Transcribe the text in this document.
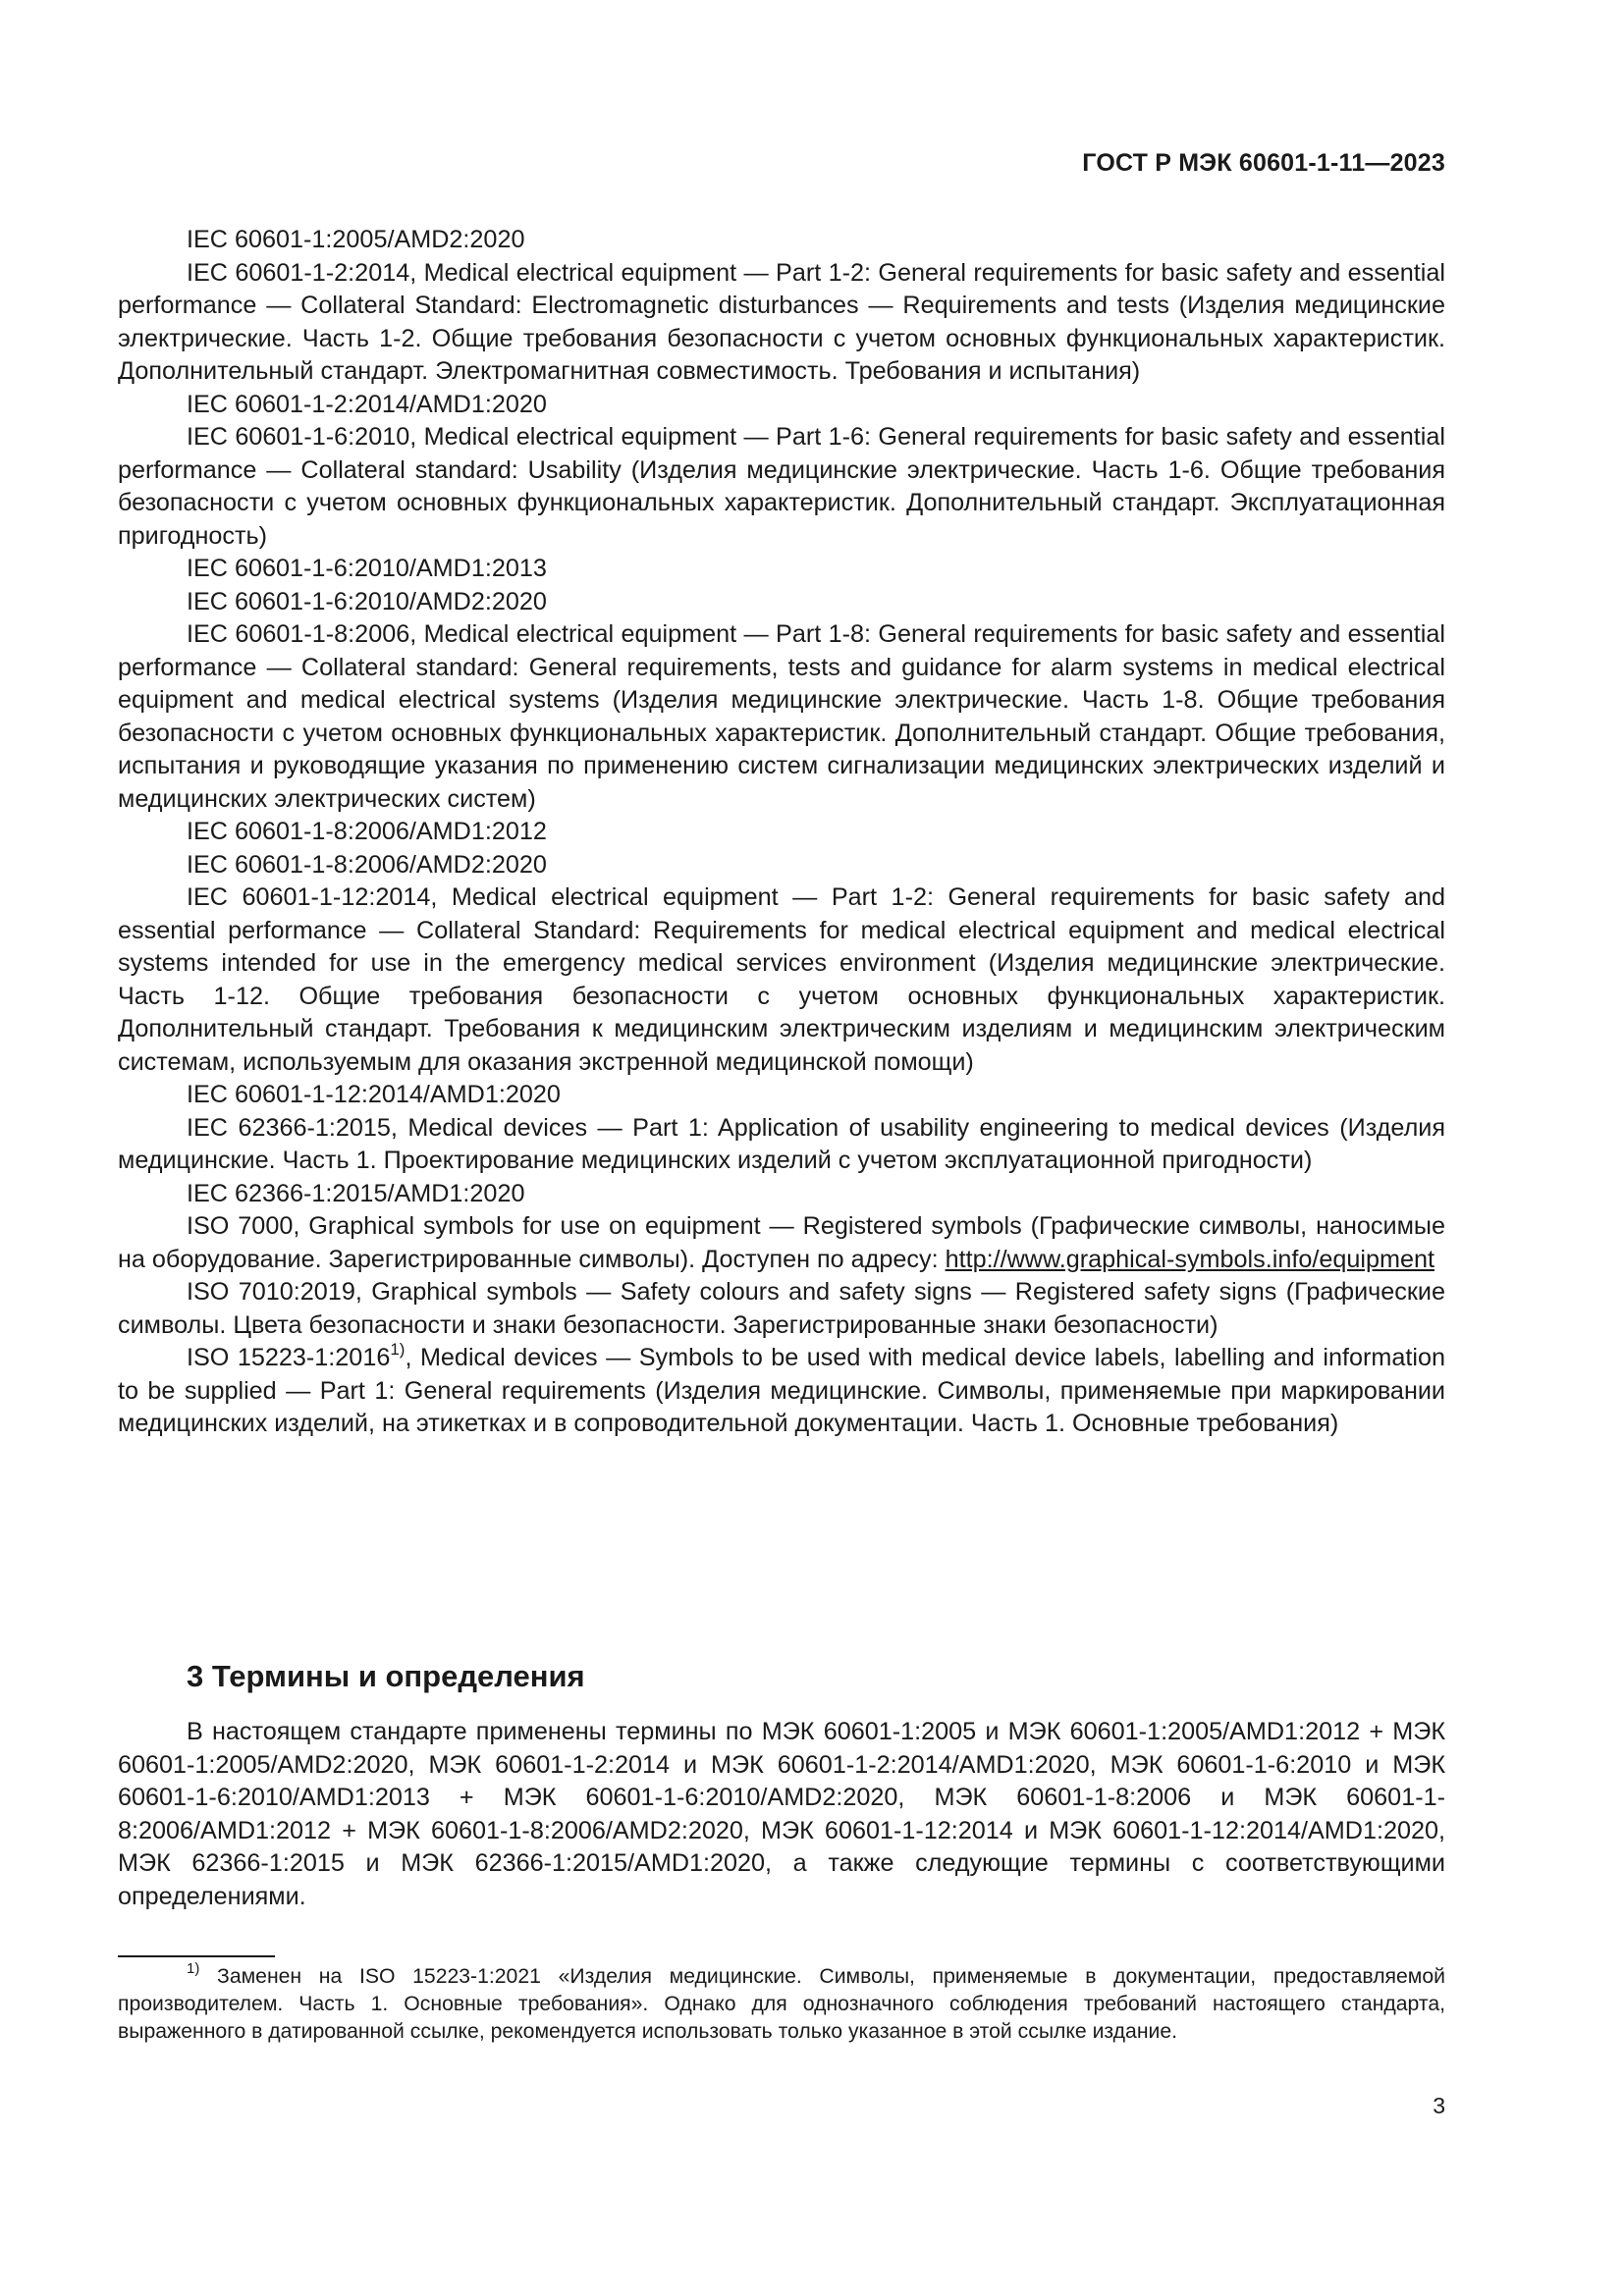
ГОСТ Р МЭК 60601-1-11—2023

IEC 60601-1:2005/AMD2:2020

IEC 60601-1-2:2014, Medical electrical equipment — Part 1-2: General requirements for basic safety and essential performance — Collateral Standard: Electromagnetic disturbances — Requirements and tests (Изделия медицинские электрические. Часть 1-2. Общие требования безопасности с учетом основных функциональных характеристик. Дополнительный стандарт. Электромагнитная совместимость. Требования и испытания)

IEC 60601-1-2:2014/AMD1:2020

IEC 60601-1-6:2010, Medical electrical equipment — Part 1-6: General requirements for basic safety and essential performance — Collateral standard: Usability (Изделия медицинские электрические. Часть 1-6. Общие требования безопасности с учетом основных функциональных характеристик. Дополнительный стандарт. Эксплуатационная пригодность)

IEC 60601-1-6:2010/AMD1:2013

IEC 60601-1-6:2010/AMD2:2020

IEC 60601-1-8:2006, Medical electrical equipment — Part 1-8: General requirements for basic safety and essential performance — Collateral standard: General requirements, tests and guidance for alarm systems in medical electrical equipment and medical electrical systems (Изделия медицинские электрические. Часть 1-8. Общие требования безопасности с учетом основных функциональных характеристик. Дополнительный стандарт. Общие требования, испытания и руководящие указания по применению систем сигнализации медицинских электрических изделий и медицинских электрических систем)

IEC 60601-1-8:2006/AMD1:2012

IEC 60601-1-8:2006/AMD2:2020

IEC 60601-1-12:2014, Medical electrical equipment — Part 1-2: General requirements for basic safety and essential performance — Collateral Standard: Requirements for medical electrical equipment and medical electrical systems intended for use in the emergency medical services environment (Изделия медицинские электрические. Часть 1-12. Общие требования безопасности с учетом основных функциональных характеристик. Дополнительный стандарт. Требования к медицинским электрическим изделиям и медицинским электрическим системам, используемым для оказания экстренной медицинской помощи)

IEC 60601-1-12:2014/AMD1:2020

IEC 62366-1:2015, Medical devices — Part 1: Application of usability engineering to medical devices (Изделия медицинские. Часть 1. Проектирование медицинских изделий с учетом эксплуатационной пригодности)

IEC 62366-1:2015/AMD1:2020

ISO 7000, Graphical symbols for use on equipment — Registered symbols (Графические символы, наносимые на оборудование. Зарегистрированные символы). Доступен по адресу: http://www.graphical-symbols.info/equipment

ISO 7010:2019, Graphical symbols — Safety colours and safety signs — Registered safety signs (Графические символы. Цвета безопасности и знаки безопасности. Зарегистрированные знаки безопасности)

ISO 15223-1:2016$^{1)}$, Medical devices — Symbols to be used with medical device labels, labelling and information to be supplied — Part 1: General requirements (Изделия медицинские. Символы, применяемые при маркировании медицинских изделий, на этикетках и в сопроводительной документации. Часть 1. Основные требования)

3 Термины и определения

В настоящем стандарте применены термины по МЭК 60601-1:2005 и МЭК 60601-1:2005/AMD1:2012 + МЭК 60601-1:2005/AMD2:2020, МЭК 60601-1-2:2014 и МЭК 60601-1-2:2014/AMD1:2020, МЭК 60601-1-6:2010 и МЭК 60601-1-6:2010/AMD1:2013 + МЭК 60601-1-6:2010/AMD2:2020, МЭК 60601-1-8:2006 и МЭК 60601-1-8:2006/AMD1:2012 + МЭК 60601-1-8:2006/AMD2:2020, МЭК 60601-1-12:2014 и МЭК 60601-1-12:2014/AMD1:2020, МЭК 62366-1:2015 и МЭК 62366-1:2015/AMD1:2020, а также следующие термины с соответствующими определениями.

$^{1)}$ Заменен на ISO 15223-1:2021 «Изделия медицинские. Символы, применяемые в документации, предоставляемой производителем. Часть 1. Основные требования». Однако для однозначного соблюдения требований настоящего стандарта, выраженного в датированной ссылке, рекомендуется использовать только указанное в этой ссылке издание.

3
